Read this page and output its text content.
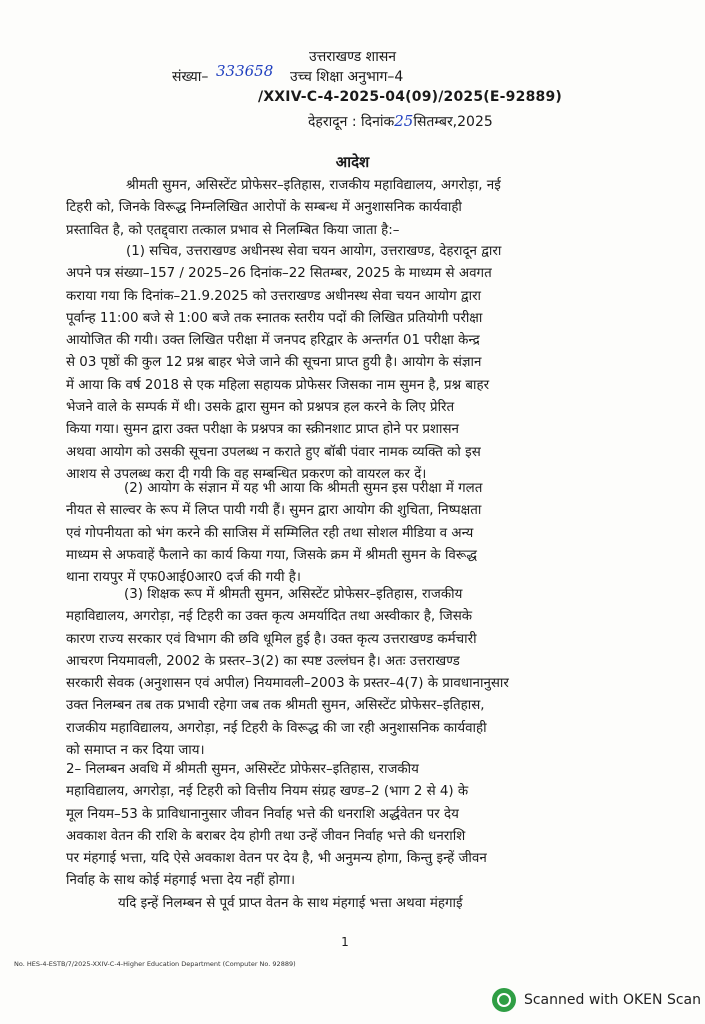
उत्तराखण्ड शासन
संख्या– 333658 उच्च शिक्षा अनुभाग–4
/XXIV-C-4-2025-04(09)/2025(E-92889)
देहरादून : दिनांक25सितम्बर,2025
आदेश
श्रीमती सुमन, असिस्टेंट प्रोफेसर–इतिहास, राजकीय महाविद्यालय, अगरोड़ा, नई
टिहरी को, जिनके विरूद्ध निम्नलिखित आरोपों के सम्बन्ध में अनुशासनिक कार्यवाही
प्रस्तावित है, को एतद्द्वारा तत्काल प्रभाव से निलम्बित किया जाता है:–
(1) सचिव, उत्तराखण्ड अधीनस्थ सेवा चयन आयोग, उत्तराखण्ड, देहरादून द्वारा
अपने पत्र संख्या–157 / 2025–26 दिनांक–22 सितम्बर, 2025 के माध्यम से अवगत
कराया गया कि दिनांक–21.9.2025 को उत्तराखण्ड अधीनस्थ सेवा चयन आयोग द्वारा
पूर्वान्ह 11:00 बजे से 1:00 बजे तक स्नातक स्तरीय पदों की लिखित प्रतियोगी परीक्षा
आयोजित की गयी। उक्त लिखित परीक्षा में जनपद हरिद्वार के अन्तर्गत 01 परीक्षा केन्द्र
से 03 पृष्ठों की कुल 12 प्रश्न बाहर भेजे जाने की सूचना प्राप्त हुयी है। आयोग के संज्ञान
में आया कि वर्ष 2018 से एक महिला सहायक प्रोफेसर जिसका नाम सुमन है, प्रश्न बाहर
भेजने वाले के सम्पर्क में थी। उसके द्वारा सुमन को प्रश्नपत्र हल करने के लिए प्रेरित
किया गया। सुमन द्वारा उक्त परीक्षा के प्रश्नपत्र का स्क्रीनशाट प्राप्त होने पर प्रशासन
अथवा आयोग को उसकी सूचना उपलब्ध न कराते हुए बॉबी पंवार नामक व्यक्ति को इस
आशय से उपलब्ध करा दी गयी कि वह सम्बन्धित प्रकरण को वायरल कर दें।
(2) आयोग के संज्ञान में यह भी आया कि श्रीमती सुमन इस परीक्षा में गलत
नीयत से साल्वर के रूप में लिप्त पायी गयी हैं। सुमन द्वारा आयोग की शुचिता, निष्पक्षता
एवं गोपनीयता को भंग करने की साजिस में सम्मिलित रही तथा सोशल मीडिया व अन्य
माध्यम से अफवाहें फैलाने का कार्य किया गया, जिसके क्रम में श्रीमती सुमन के विरूद्ध
थाना रायपुर में एफ0आई0आर0 दर्ज की गयी है।
(3) शिक्षक रूप में श्रीमती सुमन, असिस्टेंट प्रोफेसर–इतिहास, राजकीय
महाविद्यालय, अगरोड़ा, नई टिहरी का उक्त कृत्य अमर्यादित तथा अस्वीकार है, जिसके
कारण राज्य सरकार एवं विभाग की छवि धूमिल हुई है। उक्त कृत्य उत्तराखण्ड कर्मचारी
आचरण नियमावली, 2002 के प्रस्तर–3(2) का स्पष्ट उल्लंघन है। अतः उत्तराखण्ड
सरकारी सेवक (अनुशासन एवं अपील) नियमावली–2003 के प्रस्तर–4(7) के प्रावधानानुसार
उक्त निलम्बन तब तक प्रभावी रहेगा जब तक श्रीमती सुमन, असिस्टेंट प्रोफेसर–इतिहास,
राजकीय महाविद्यालय, अगरोड़ा, नई टिहरी के विरूद्ध की जा रही अनुशासनिक कार्यवाही
को समाप्त न कर दिया जाय।
2– निलम्बन अवधि में श्रीमती सुमन, असिस्टेंट प्रोफेसर–इतिहास, राजकीय
महाविद्यालय, अगरोड़ा, नई टिहरी को वित्तीय नियम संग्रह खण्ड–2 (भाग 2 से 4) के
मूल नियम–53 के प्राविधानानुसार जीवन निर्वाह भत्ते की धनराशि अर्द्धवेतन पर देय
अवकाश वेतन की राशि के बराबर देय होगी तथा उन्हें जीवन निर्वाह भत्ते की धनराशि
पर मंहगाई भत्ता, यदि ऐसे अवकाश वेतन पर देय है, भी अनुमन्य होगा, किन्तु इन्हें जीवन
निर्वाह के साथ कोई मंहगाई भत्ता देय नहीं होगा।
यदि इन्हें निलम्बन से पूर्व प्राप्त वेतन के साथ मंहगाई भत्ता अथवा मंहगाई
1
No. HES-4-ESTB/7/2025-XXIV-C-4-Higher Education Department (Computer No. 92889)
Scanned with OKEN Scan
